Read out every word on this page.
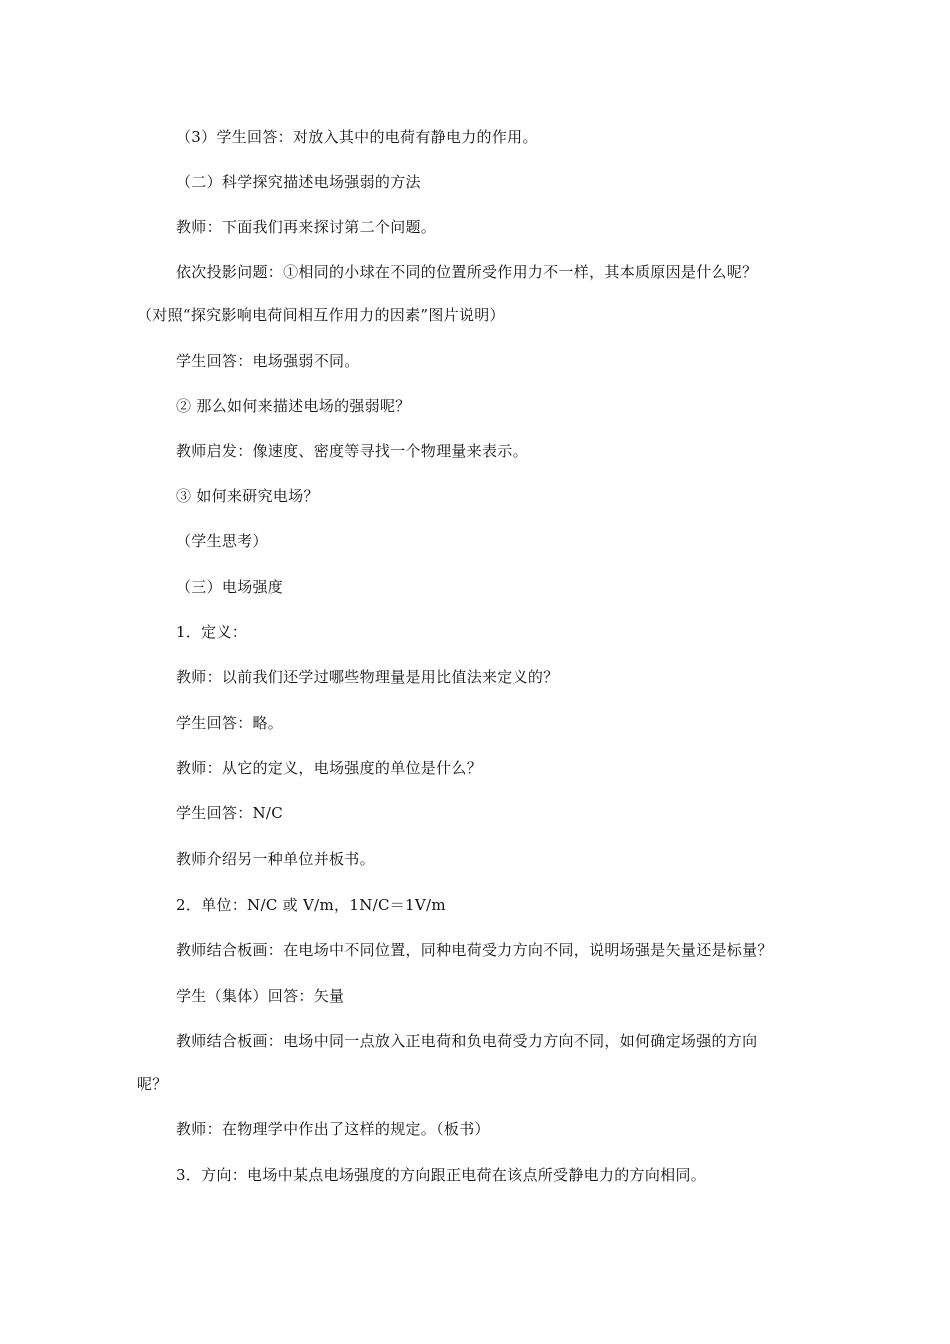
（3）学生回答：对放入其中的电荷有静电力的作用。
（二）科学探究描述电场强弱的方法
教师：下面我们再来探讨第二个问题。
依次投影问题：①相同的小球在不同的位置所受作用力不一样，其本质原因是什么呢？
（对照“探究影响电荷间相互作用力的因素”图片说明）
学生回答：电场强弱不同。
② 那么如何来描述电场的强弱呢？
教师启发：像速度、密度等寻找一个物理量来表示。
③ 如何来研究电场？
（学生思考）
（三）电场强度
1．定义：
教师：以前我们还学过哪些物理量是用比值法来定义的？
学生回答：略。
教师：从它的定义，电场强度的单位是什么？
学生回答：N/C
教师介绍另一种单位并板书。
2．单位：N/C 或 V/m，1N/C＝1V/m
教师结合板画：在电场中不同位置，同种电荷受力方向不同，说明场强是矢量还是标量？
学生（集体）回答：矢量
教师结合板画：电场中同一点放入正电荷和负电荷受力方向不同，如何确定场强的方向
呢？
教师：在物理学中作出了这样的规定。（板书）
3．方向：电场中某点电场强度的方向跟正电荷在该点所受静电力的方向相同。
